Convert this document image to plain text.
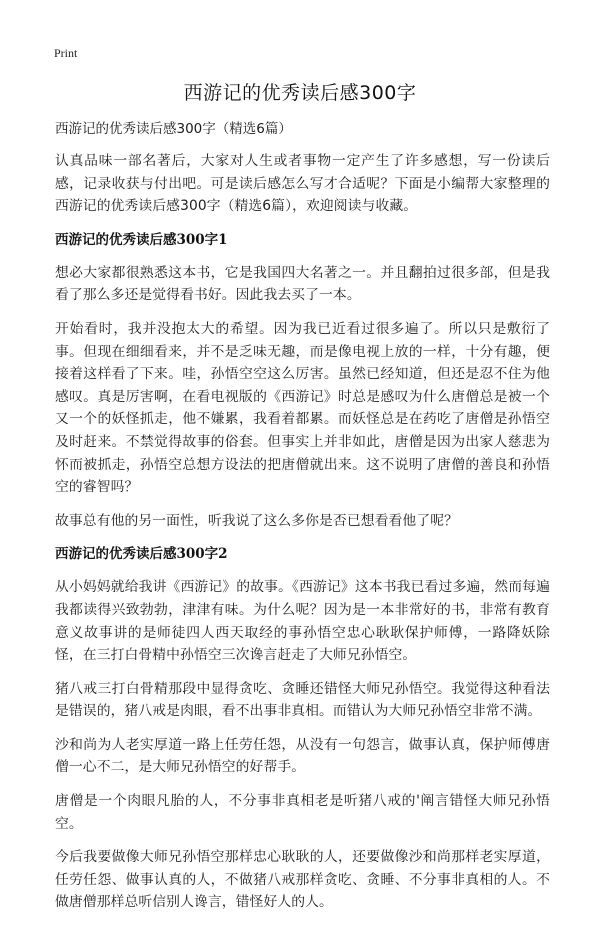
Print
西游记的优秀读后感300字

西游记的优秀读后感300字（精选6篇）

认真品味一部名著后，大家对人生或者事物一定产生了许多感想，写一份读后感，记录收获与付出吧。可是读后感怎么写才合适呢？下面是小编帮大家整理的西游记的优秀读后感300字（精选6篇），欢迎阅读与收藏。

西游记的优秀读后感300字1

想必大家都很熟悉这本书，它是我国四大名著之一。并且翻拍过很多部，但是我看了那么多还是觉得看书好。因此我去买了一本。

开始看时，我并没抱太大的希望。因为我已近看过很多遍了。所以只是敷衍了事。但现在细细看来，并不是乏味无趣，而是像电视上放的一样，十分有趣，便接着这样看了下来。哇，孙悟空空这么厉害。虽然已经知道，但还是忍不住为他感叹。真是厉害啊，在看电视版的《西游记》时总是感叹为什么唐僧总是被一个又一个的妖怪抓走，他不嫌累，我看着都累。而妖怪总是在药吃了唐僧是孙悟空及时赶来。不禁觉得故事的俗套。但事实上并非如此，唐僧是因为出家人慈悲为怀而被抓走，孙悟空总想方设法的把唐僧就出来。这不说明了唐僧的善良和孙悟空的睿智吗？

故事总有他的另一面性，听我说了这么多你是否已想看看他了呢？

西游记的优秀读后感300字2

从小妈妈就给我讲《西游记》的故事。《西游记》这本书我已看过多遍，然而每遍我都读得兴致勃勃，津津有味。为什么呢？因为是一本非常好的书，非常有教育意义故事讲的是师徒四人西天取经的事孙悟空忠心耿耿保护师傅，一路降妖除怪，在三打白骨精中孙悟空三次谗言赶走了大师兄孙悟空。

猪八戒三打白骨精那段中显得贪吃、贪睡还错怪大师兄孙悟空。我觉得这种看法是错误的，猪八戒是肉眼，看不出事非真相。而错认为大师兄孙悟空非常不满。

沙和尚为人老实厚道一路上任劳任怨，从没有一句怨言，做事认真，保护师傅唐僧一心不二，是大师兄孙悟空的好帮手。

唐僧是一个肉眼凡胎的人，不分事非真相老是听猪八戒的'阐言错怪大师兄孙悟空。

今后我要做像大师兄孙悟空那样忠心耿耿的人，还要做像沙和尚那样老实厚道，任劳任怨、做事认真的人，不做猪八戒那样贪吃、贪睡、不分事非真相的人。不做唐僧那样总听信别人谗言，错怪好人的人。
